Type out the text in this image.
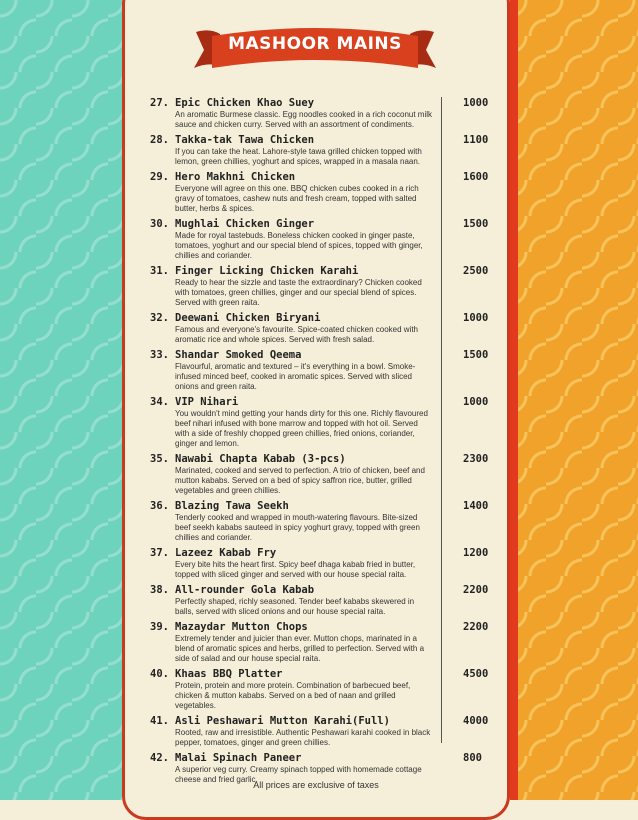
MASHOOR MAINS
27. Epic Chicken Khao Suey
An aromatic Burmese classic. Egg noodles cooked in a rich coconut milk sauce and chicken curry. Served with an assortment of condiments.
1000
28. Takka-tak Tawa Chicken
If you can take the heat. Lahore-style tawa grilled chicken topped with lemon, green chillies, yoghurt and spices, wrapped in a masala naan.
1100
29. Hero Makhni Chicken
Everyone will agree on this one. BBQ chicken cubes cooked in a rich gravy of tomatoes, cashew nuts and fresh cream, topped with salted butter, herbs & spices.
1600
30. Mughlai Chicken Ginger
Made for royal tastebuds. Boneless chicken cooked in ginger paste, tomatoes, yoghurt and our special blend of spices, topped with ginger, chillies and coriander.
1500
31. Finger Licking Chicken Karahi
Ready to hear the sizzle and taste the extraordinary? Chicken cooked with tomatoes, green chillies, ginger and our special blend of spices. Served with green raita.
2500
32. Deewani Chicken Biryani
Famous and everyone's favourite. Spice-coated chicken cooked with aromatic rice and whole spices. Served with fresh salad.
1000
33. Shandar Smoked Qeema
Flavourful, aromatic and textured – it's everything in a bowl. Smoke-infused minced beef, cooked in aromatic spices. Served with sliced onions and green raita.
1500
34. VIP Nihari
You wouldn't mind getting your hands dirty for this one. Richly flavoured beef nihari infused with bone marrow and topped with hot oil. Served with a side of freshly chopped green chillies, fried onions, coriander, ginger and lemon.
1000
35. Nawabi Chapta Kabab (3-pcs)
Marinated, cooked and served to perfection. A trio of chicken, beef and mutton kababs. Served on a bed of spicy saffron rice, butter, grilled vegetables and green chillies.
2300
36. Blazing Tawa Seekh
Tenderly cooked and wrapped in mouth-watering flavours. Bite-sized beef seekh kababs sauteed in spicy yoghurt gravy, topped with green chillies and coriander.
1400
37. Lazeez Kabab Fry
Every bite hits the heart first. Spicy beef dhaga kabab fried in butter, topped with sliced ginger and served with our house special raita.
1200
38. All-rounder Gola Kabab
Perfectly shaped, richly seasoned. Tender beef kababs skewered in balls, served with sliced onions and our house special raita.
2200
39. Mazaydar Mutton Chops
Extremely tender and juicier than ever. Mutton chops, marinated in a blend of aromatic spices and herbs, grilled to perfection. Served with a side of salad and our house special raita.
2200
40. Khaas BBQ Platter
Protein, protein and more protein. Combination of barbecued beef, chicken & mutton kababs. Served on a bed of naan and grilled vegetables.
4500
41. Asli Peshawari Mutton Karahi(Full)
Rooted, raw and irresistible. Authentic Peshawari karahi cooked in black pepper, tomatoes, ginger and green chillies.
4000
42. Malai Spinach Paneer
A superior veg curry. Creamy spinach topped with homemade cottage cheese and fried garlic.
800
All prices are exclusive of taxes
